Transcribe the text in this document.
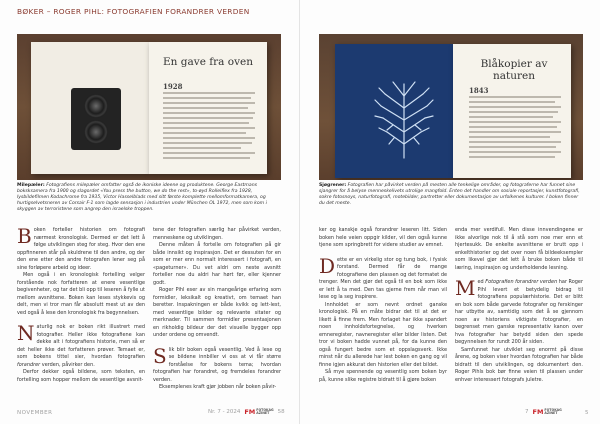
BØKER – ROGER PIHL: FOTOGRAFIEN FORANDRER VERDEN
En gave fra oven
1928
Milepæler: Fotografiens milepæler omfatter også de ikoniske ideene og produktene. George Eastmans boksksamera fra 1900 og slagordet «You press the button, we do the rest», to-øyd Rolleiflex fra 1928, lysbildefilmen Kodachrome fra 1935, Victor Hasselblads med sitt første komplette mellomformatkamera, og hurtigselvetsneren av Corsair F-1 som lagde sensasjon i industrien under München OL 1972, men som kom i skyggen av terroristene som angrep den israelske troppen.

Boken forteller historien om fotografi nærmest kronologisk. Dermed er det lett å følge utviklingen steg for steg. Hvor den ene oppfinneren står på skuldrene til den andre, og der den ene etter den andre fotografen lener seg på sine forløpere arbeid og ideer.

Men også i en kronologisk fortelling velger forstående nok forfatteren at enere vesentlige begivenheter, og tar det bli opp til leseren å fylle ut mellom avsnittene. Boken kan leses stykkevis og delt, men vi tror man får absolutt mest ut av den ved også å lese den kronologisk fra begynnelsen.

Naturlig nok er boken rikt illustrert med fotografier. Heller ikke fotografiene kan dekke alt i fotografiens historie, men så er det heller ikke det forfatteren prøver. Temaet er, som bokens tittel sier, hvordan fotografien forandrer verden, påvirker den.

Derfor dekker også bildene, som teksten, en fortelling som hopper mellom de vesentlige avsnit-

tene der fotografien særlig har påvirket verden, menneskene og utviklingen.

Denne måten å fortelle om fotografien på gir både innsikt og inspirasjon. Det er dessuten for en som er mer enn normalt interessert i fotografi, en «pageturner». Du vet aldri om neste avsnitt forteller noe du aldri har hørt før, eller kjenner godt.

Roger Pihl eser av sin mangeårige erfaring som formidler, leksikalt og kreativt, om temaet han beretter. Inspakningen er både kvikk og lett-lest, med vesentlige bilder og relevante sitater og merknader. Til sammen formidler presentasjonen en rikholdig bildeur der det visuelle bygger opp under ordene og omvendt.

Slik blir boken også vesentlig. Ved å lese og se bildene innbiller vi oss at vi får større forståelse for bokens tema; hvordan fotografien har forandret, og fremdeles forandrer verden.

Eksemplenes kraft gjør jobben når boken påvir-

NOVEMBER	Nr. 7 - 2024 FM FOTOKAG
AZINET	58
Blåkopier av naturen
1843
Sjøgrener: Fotografien har påvirket verden på mesten alle tenkelige områder, og fotograferne har funnet sine sjangrer for å belyse menneskelivets utrolige mangfold. Enten det handler om sosiale reportasjer, kunstfotografi, sokre fotosnoys, naturfotografi, motebilder, partretter eller dokumentasjon av urfolkenes kulturer. I boken finner du det meste.

ker og kanskje også forandrer leseren litt. Siden boken hele veien oppgir kilder, vil den også kunne tjene som springbrett for videre studier av emnet.

Dette er en virkelig stor og tung bok, i fysisk forstand. Dermed får de mange fotografiene den plassen og det formatet de trenger. Men det gjør det også til en bok som ikke er lett å ta med. Den tas gjerne frem når man vil lese og la seg inspirere.

Innholdet er som nevnt ordnet ganske kronologisk. På en måte bidrar det til at det er likett å finne frem. Men forlaget har ikke spandert noen innholdsfortegnelse, og hverken emneregister, navneregister eller bilder listen. Det tror vi boken hadde vunnet på, for da kunne den også fungert bedre som et oppslagsverk. Ikke minst når du allerede har lest boken en gang og vil finne igjen akkurat den historien eller det bildet.

Så mye spennende og vesentlig som boken byr på, kunne slike registre bidratt til å gjøre boken

enda mer verdifull. Men disse innvendingene er ikke alvorlige nok til å stå som noe mer enn et hjertesukk. De enkelte avsnittene er brutt opp i enkelthistorier og det over noen få bildeeksempler som likevel gjør det lett å bruke boken både til læring, inspirasjon og underholdende lesning.

Med Fotografien forandrer verden har Roger Pihl levert et betydelig bidrag til fotografiens populærhistorie. Det er blitt en bok som både garvede fotografer og ferskinger har utbytte av, samtidig som det å se gjennom noen av historiens viktigste fotografier, en begrenset men ganske representativ kanon over hva fotografier har betydd siden den spede begynnelsen for rundt 200 år siden.

Samfunnet har utviklet seg enormt på disse årene, og boken viser hvordan fotografien har både bidratt til den utviklingen, og dokumentert den. Roger Pihls bok bør finne veien til plassen under enhver interessert fotografs juletre.

7 FM FOTOKAG
AZINET	5
